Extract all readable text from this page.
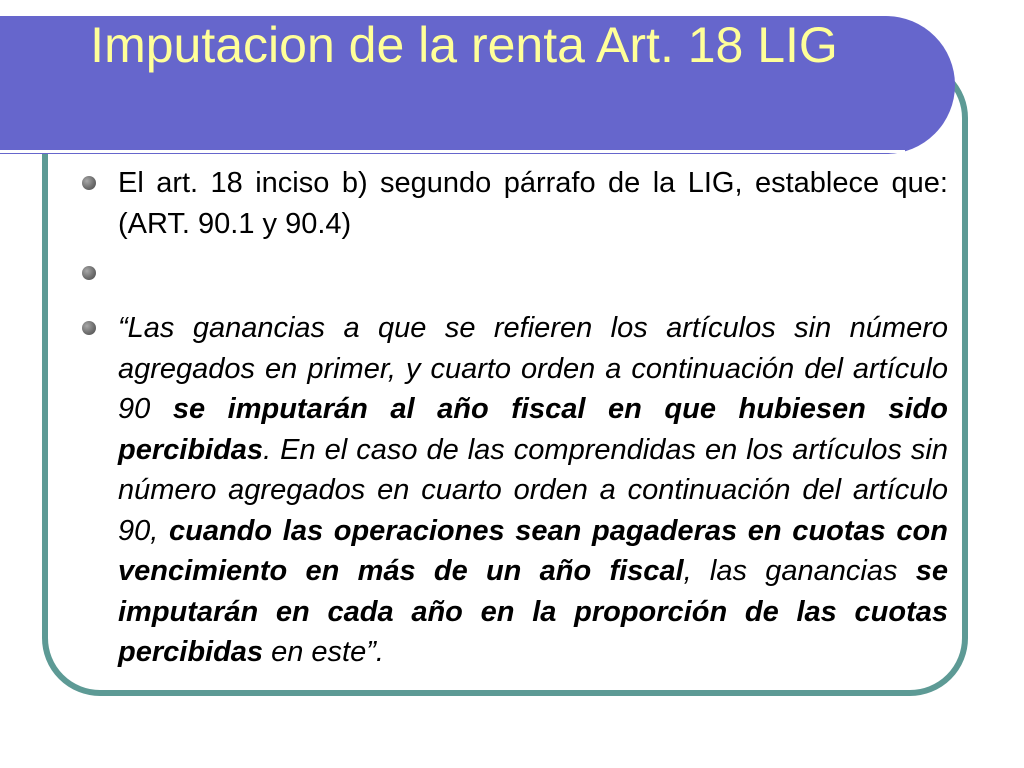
Imputacion de la renta Art. 18 LIG
El art. 18 inciso b) segundo párrafo de la LIG, establece que: (ART. 90.1 y 90.4)
“Las ganancias a que se refieren los artículos sin número agregados en primer, y cuarto orden a continuación del artículo 90 se imputarán al año fiscal en que hubiesen sido percibidas. En el caso de las comprendidas en los artículos sin número agregados en cuarto orden a continuación del artículo 90, cuando las operaciones sean pagaderas en cuotas con vencimiento en más de un año fiscal, las ganancias se imputarán en cada año en la proporción de las cuotas percibidas en este”.
